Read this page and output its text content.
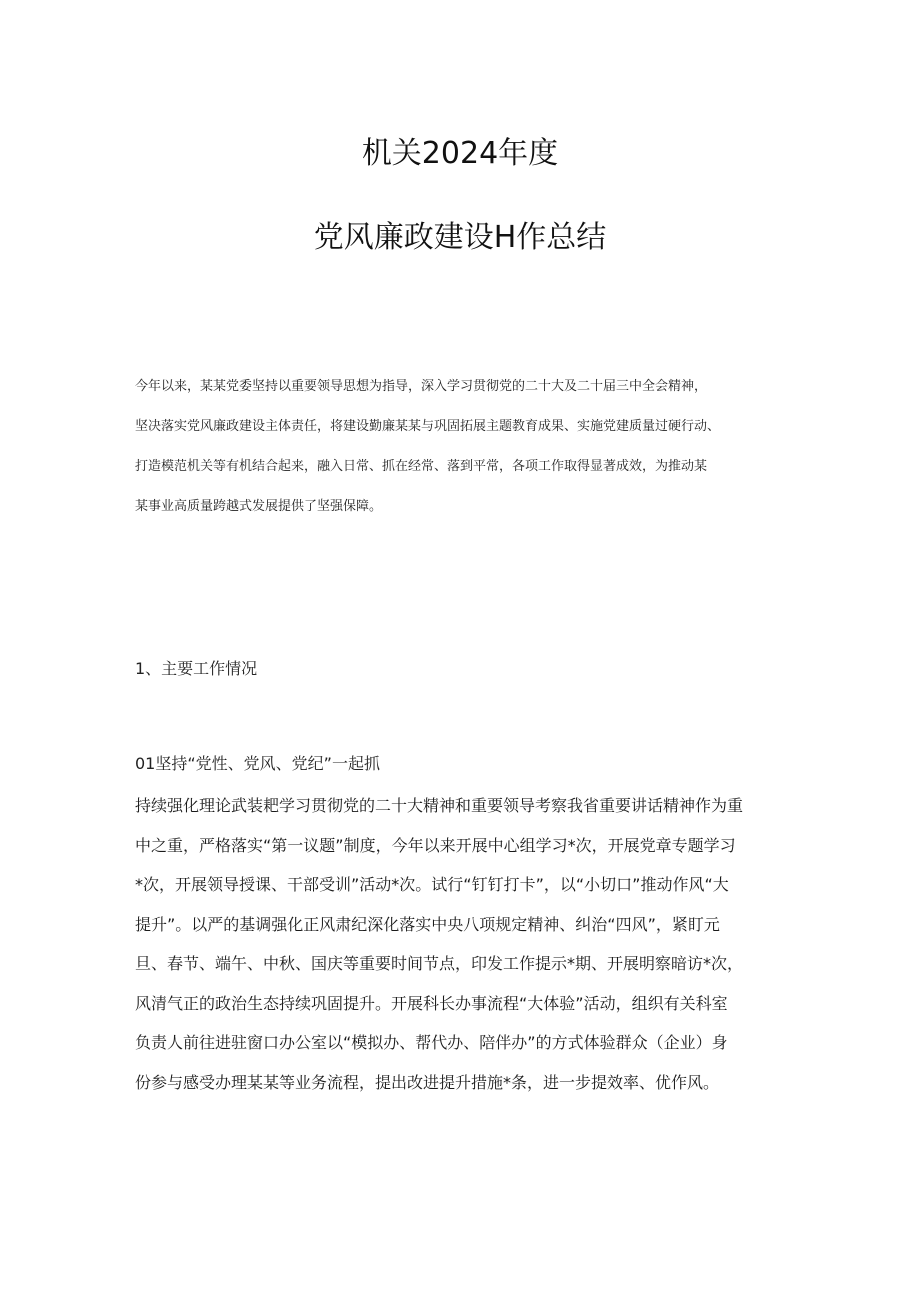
机关2024年度
党风廉政建设H作总结
今年以来，某某党委坚持以重要领导思想为指导，深入学习贯彻党的二十大及二十届三中全会精神，
坚决落实党风廉政建设主体责任，将建设勤廉某某与巩固拓展主题教育成果、实施党建质量过硬行动、
打造模范机关等有机结合起来，融入日常、抓在经常、落到平常，各项工作取得显著成效，为推动某
某事业高质量跨越式发展提供了坚强保障。
1、主要工作情况
01坚持“党性、党风、党纪”一起抓
持续强化理论武装耙学习贯彻党的二十大精神和重要领导考察我省重要讲话精神作为重
中之重，严格落实“第一议题”制度，今年以来开展中心组学习*次，开展党章专题学习
*次，开展领导授课、干部受训”活动*次。试行“钉钉打卡”，以“小切口”推动作风“大
提升”。以严的基调强化正风肃纪深化落实中央八项规定精神、纠治“四风”，紧盯元
旦、春节、端午、中秋、国庆等重要时间节点，印发工作提示*期、开展明察暗访*次，
风清气正的政治生态持续巩固提升。开展科长办事流程“大体验”活动，组织有关科室
负责人前往进驻窗口办公室以“模拟办、帮代办、陪伴办”的方式体验群众（企业）身
份参与感受办理某某等业务流程，提出改进提升措施*条，进一步提效率、优作风。
